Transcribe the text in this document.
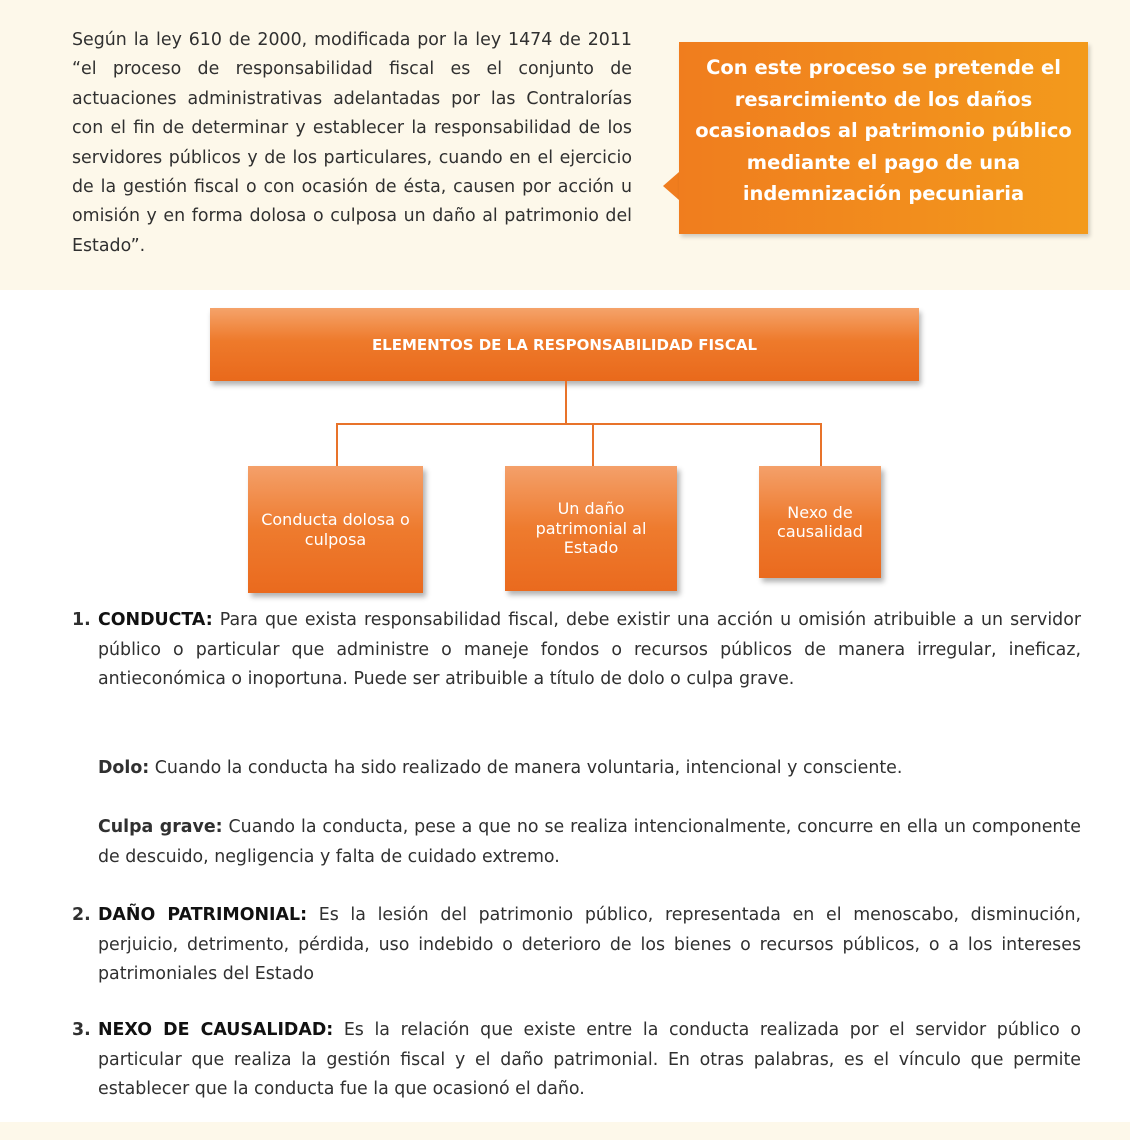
Según la ley 610 de 2000, modificada por la ley 1474 de 2011 “el proceso de responsabilidad fiscal es el conjunto de actuaciones administrativas adelantadas por las Contralorías con el fin de determinar y establecer la responsabilidad de los servidores públicos y de los particulares, cuando en el ejercicio de la gestión fiscal o con ocasión de ésta, causen por acción u omisión y en forma dolosa o culposa un daño al patrimonio del Estado”.
Con este proceso se pretende el resarcimiento de los daños ocasionados al patrimonio público mediante el pago de una indemnización pecuniaria
ELEMENTOS DE LA RESPONSABILIDAD FISCAL
Conducta dolosa o culposa
Un daño patrimonial al Estado
Nexo de causalidad
1. CONDUCTA: Para que exista responsabilidad fiscal, debe existir una acción u omisión atribuible a un servidor público o particular que administre o maneje fondos o recursos públicos de manera irregular, ineficaz, antieconómica o inoportuna. Puede ser atribuible a título de dolo o culpa grave.
Dolo: Cuando la conducta ha sido realizado de manera voluntaria, intencional y consciente.
Culpa grave: Cuando la conducta, pese a que no se realiza intencionalmente, concurre en ella un componente de descuido, negligencia y falta de cuidado extremo.
2. DAÑO PATRIMONIAL: Es la lesión del patrimonio público, representada en el menoscabo, disminución, perjuicio, detrimento, pérdida, uso indebido o deterioro de los bienes o recursos públicos, o a los intereses patrimoniales del Estado
3. NEXO DE CAUSALIDAD: Es la relación que existe entre la conducta realizada por el servidor público o particular que realiza la gestión fiscal y el daño patrimonial. En otras palabras, es el vínculo que permite establecer que la conducta fue la que ocasionó el daño.
